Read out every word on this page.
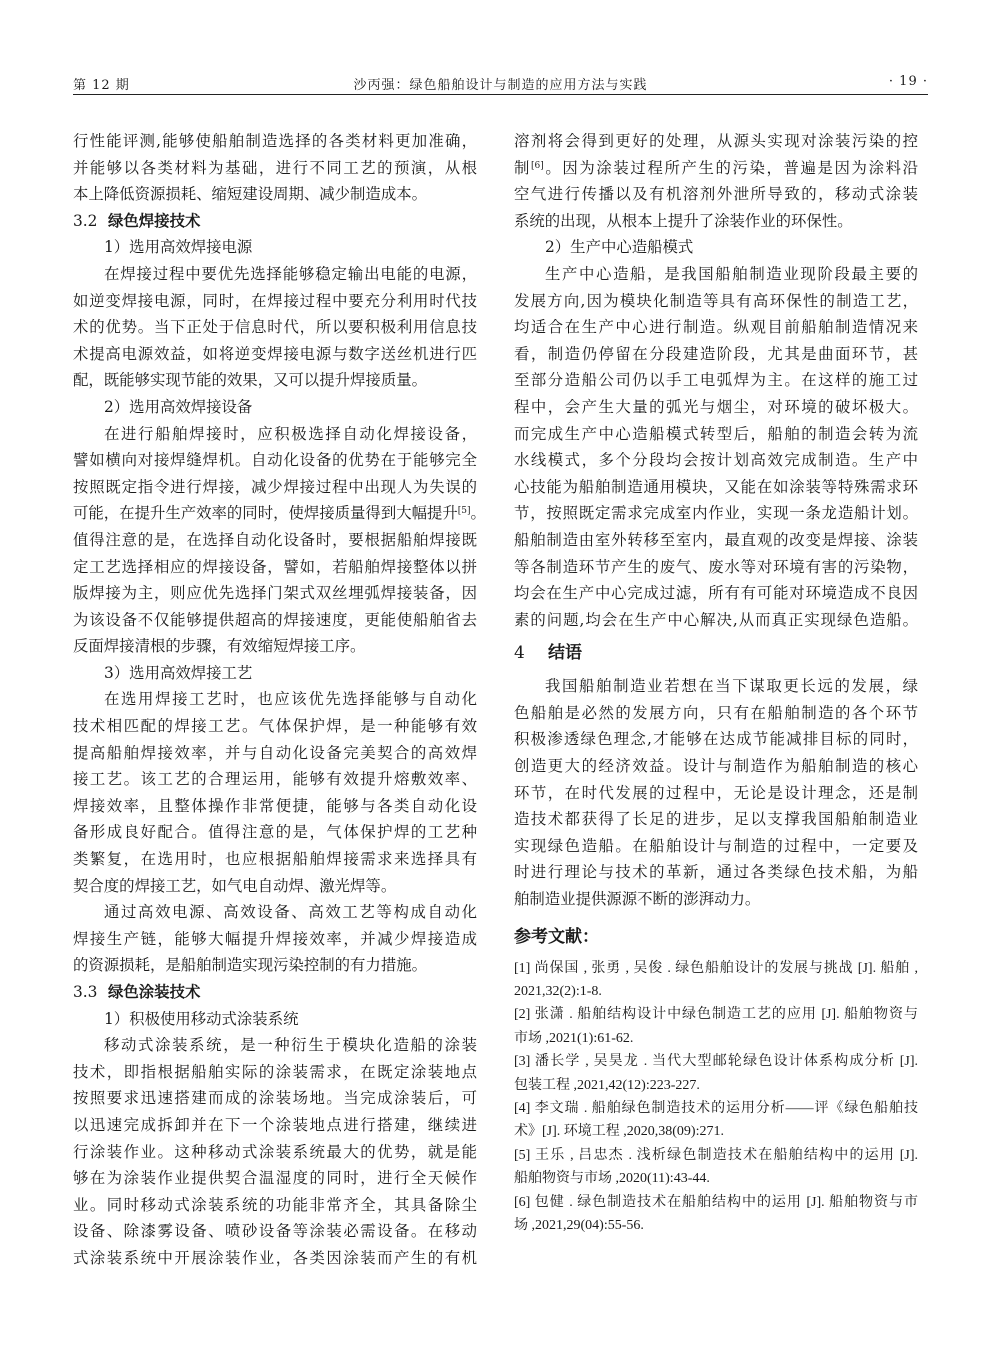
第 12 期	沙丙强：绿色船舶设计与制造的应用方法与实践	· 19 ·
行性能评测,能够使船舶制造选择的各类材料更加准确，
并能够以各类材料为基础，进行不同工艺的预演，从根
本上降低资源损耗、缩短建设周期、减少制造成本。
3.2 绿色焊接技术
1）选用高效焊接电源
在焊接过程中要优先选择能够稳定输出电能的电源，
如逆变焊接电源，同时，在焊接过程中要充分利用时代技
术的优势。当下正处于信息时代，所以要积极利用信息技
术提高电源效益，如将逆变焊接电源与数字送丝机进行匹
配，既能够实现节能的效果，又可以提升焊接质量。
2）选用高效焊接设备
在进行船舶焊接时，应积极选择自动化焊接设备，
譬如横向对接焊缝焊机。自动化设备的优势在于能够完全
按照既定指令进行焊接，减少焊接过程中出现人为失误的
可能，在提升生产效率的同时，使焊接质量得到大幅提升[5]。
值得注意的是，在选择自动化设备时，要根据船舶焊接既
定工艺选择相应的焊接设备，譬如，若船舶焊接整体以拼
版焊接为主，则应优先选择门架式双丝埋弧焊接装备，因
为该设备不仅能够提供超高的焊接速度，更能使船舶省去
反面焊接清根的步骤，有效缩短焊接工序。
3）选用高效焊接工艺
在选用焊接工艺时，也应该优先选择能够与自动化
技术相匹配的焊接工艺。气体保护焊，是一种能够有效
提高船舶焊接效率，并与自动化设备完美契合的高效焊
接工艺。该工艺的合理运用，能够有效提升熔敷效率、
焊接效率，且整体操作非常便捷，能够与各类自动化设
备形成良好配合。值得注意的是，气体保护焊的工艺种
类繁复，在选用时，也应根据船舶焊接需求来选择具有
契合度的焊接工艺，如气电自动焊、激光焊等。
通过高效电源、高效设备、高效工艺等构成自动化
焊接生产链，能够大幅提升焊接效率，并减少焊接造成
的资源损耗，是船舶制造实现污染控制的有力措施。
3.3 绿色涂装技术
1）积极使用移动式涂装系统
移动式涂装系统，是一种衍生于模块化造船的涂装
技术，即指根据船舶实际的涂装需求，在既定涂装地点
按照要求迅速搭建而成的涂装场地。当完成涂装后，可
以迅速完成拆卸并在下一个涂装地点进行搭建，继续进
行涂装作业。这种移动式涂装系统最大的优势，就是能
够在为涂装作业提供契合温湿度的同时，进行全天候作
业。同时移动式涂装系统的功能非常齐全，其具备除尘
设备、除漆雾设备、喷砂设备等涂装必需设备。在移动
式涂装系统中开展涂装作业，各类因涂装而产生的有机
溶剂将会得到更好的处理，从源头实现对涂装污染的控
制[6]。因为涂装过程所产生的污染，普遍是因为涂料沿
空气进行传播以及有机溶剂外泄所导致的，移动式涂装
系统的出现，从根本上提升了涂装作业的环保性。
2）生产中心造船模式
生产中心造船，是我国船舶制造业现阶段最主要的
发展方向,因为模块化制造等具有高环保性的制造工艺，
均适合在生产中心进行制造。纵观目前船舶制造情况来
看，制造仍停留在分段建造阶段，尤其是曲面环节，甚
至部分造船公司仍以手工电弧焊为主。在这样的施工过
程中，会产生大量的弧光与烟尘，对环境的破坏极大。
而完成生产中心造船模式转型后，船舶的制造会转为流
水线模式，多个分段均会按计划高效完成制造。生产中
心技能为船舶制造通用模块，又能在如涂装等特殊需求环
节，按照既定需求完成室内作业，实现一条龙造船计划。
船舶制造由室外转移至室内，最直观的改变是焊接、涂装
等各制造环节产生的废气、废水等对环境有害的污染物，
均会在生产中心完成过滤，所有有可能对环境造成不良因
素的问题,均会在生产中心解决,从而真正实现绿色造船。
4 结语
我国船舶制造业若想在当下谋取更长远的发展，绿
色船舶是必然的发展方向，只有在船舶制造的各个环节
积极渗透绿色理念,才能够在达成节能减排目标的同时，
创造更大的经济效益。设计与制造作为船舶制造的核心
环节，在时代发展的过程中，无论是设计理念，还是制
造技术都获得了长足的进步，足以支撑我国船舶制造业
实现绿色造船。在船舶设计与制造的过程中，一定要及
时进行理论与技术的革新，通过各类绿色技术船，为船
舶制造业提供源源不断的澎湃动力。
参考文献：
[1] 尚保国 , 张勇 , 吴俊 . 绿色船舶设计的发展与挑战 [J]. 船舶 ,
2021,32(2):1-8.
[2] 张潇 . 船舶结构设计中绿色制造工艺的应用 [J]. 船舶物资与
市场 ,2021(1):61-62.
[3] 潘长学 , 吴昊龙 . 当代大型邮轮绿色设计体系构成分析 [J].
包装工程 ,2021,42(12):223-227.
[4] 李文瑞 . 船舶绿色制造技术的运用分析——评《绿色船舶技
术》[J]. 环境工程 ,2020,38(09):271.
[5] 王乐 , 吕忠杰 . 浅析绿色制造技术在船舶结构中的运用 [J].
船舶物资与市场 ,2020(11):43-44.
[6] 包健 . 绿色制造技术在船舶结构中的运用 [J]. 船舶物资与市
场 ,2021,29(04):55-56.
